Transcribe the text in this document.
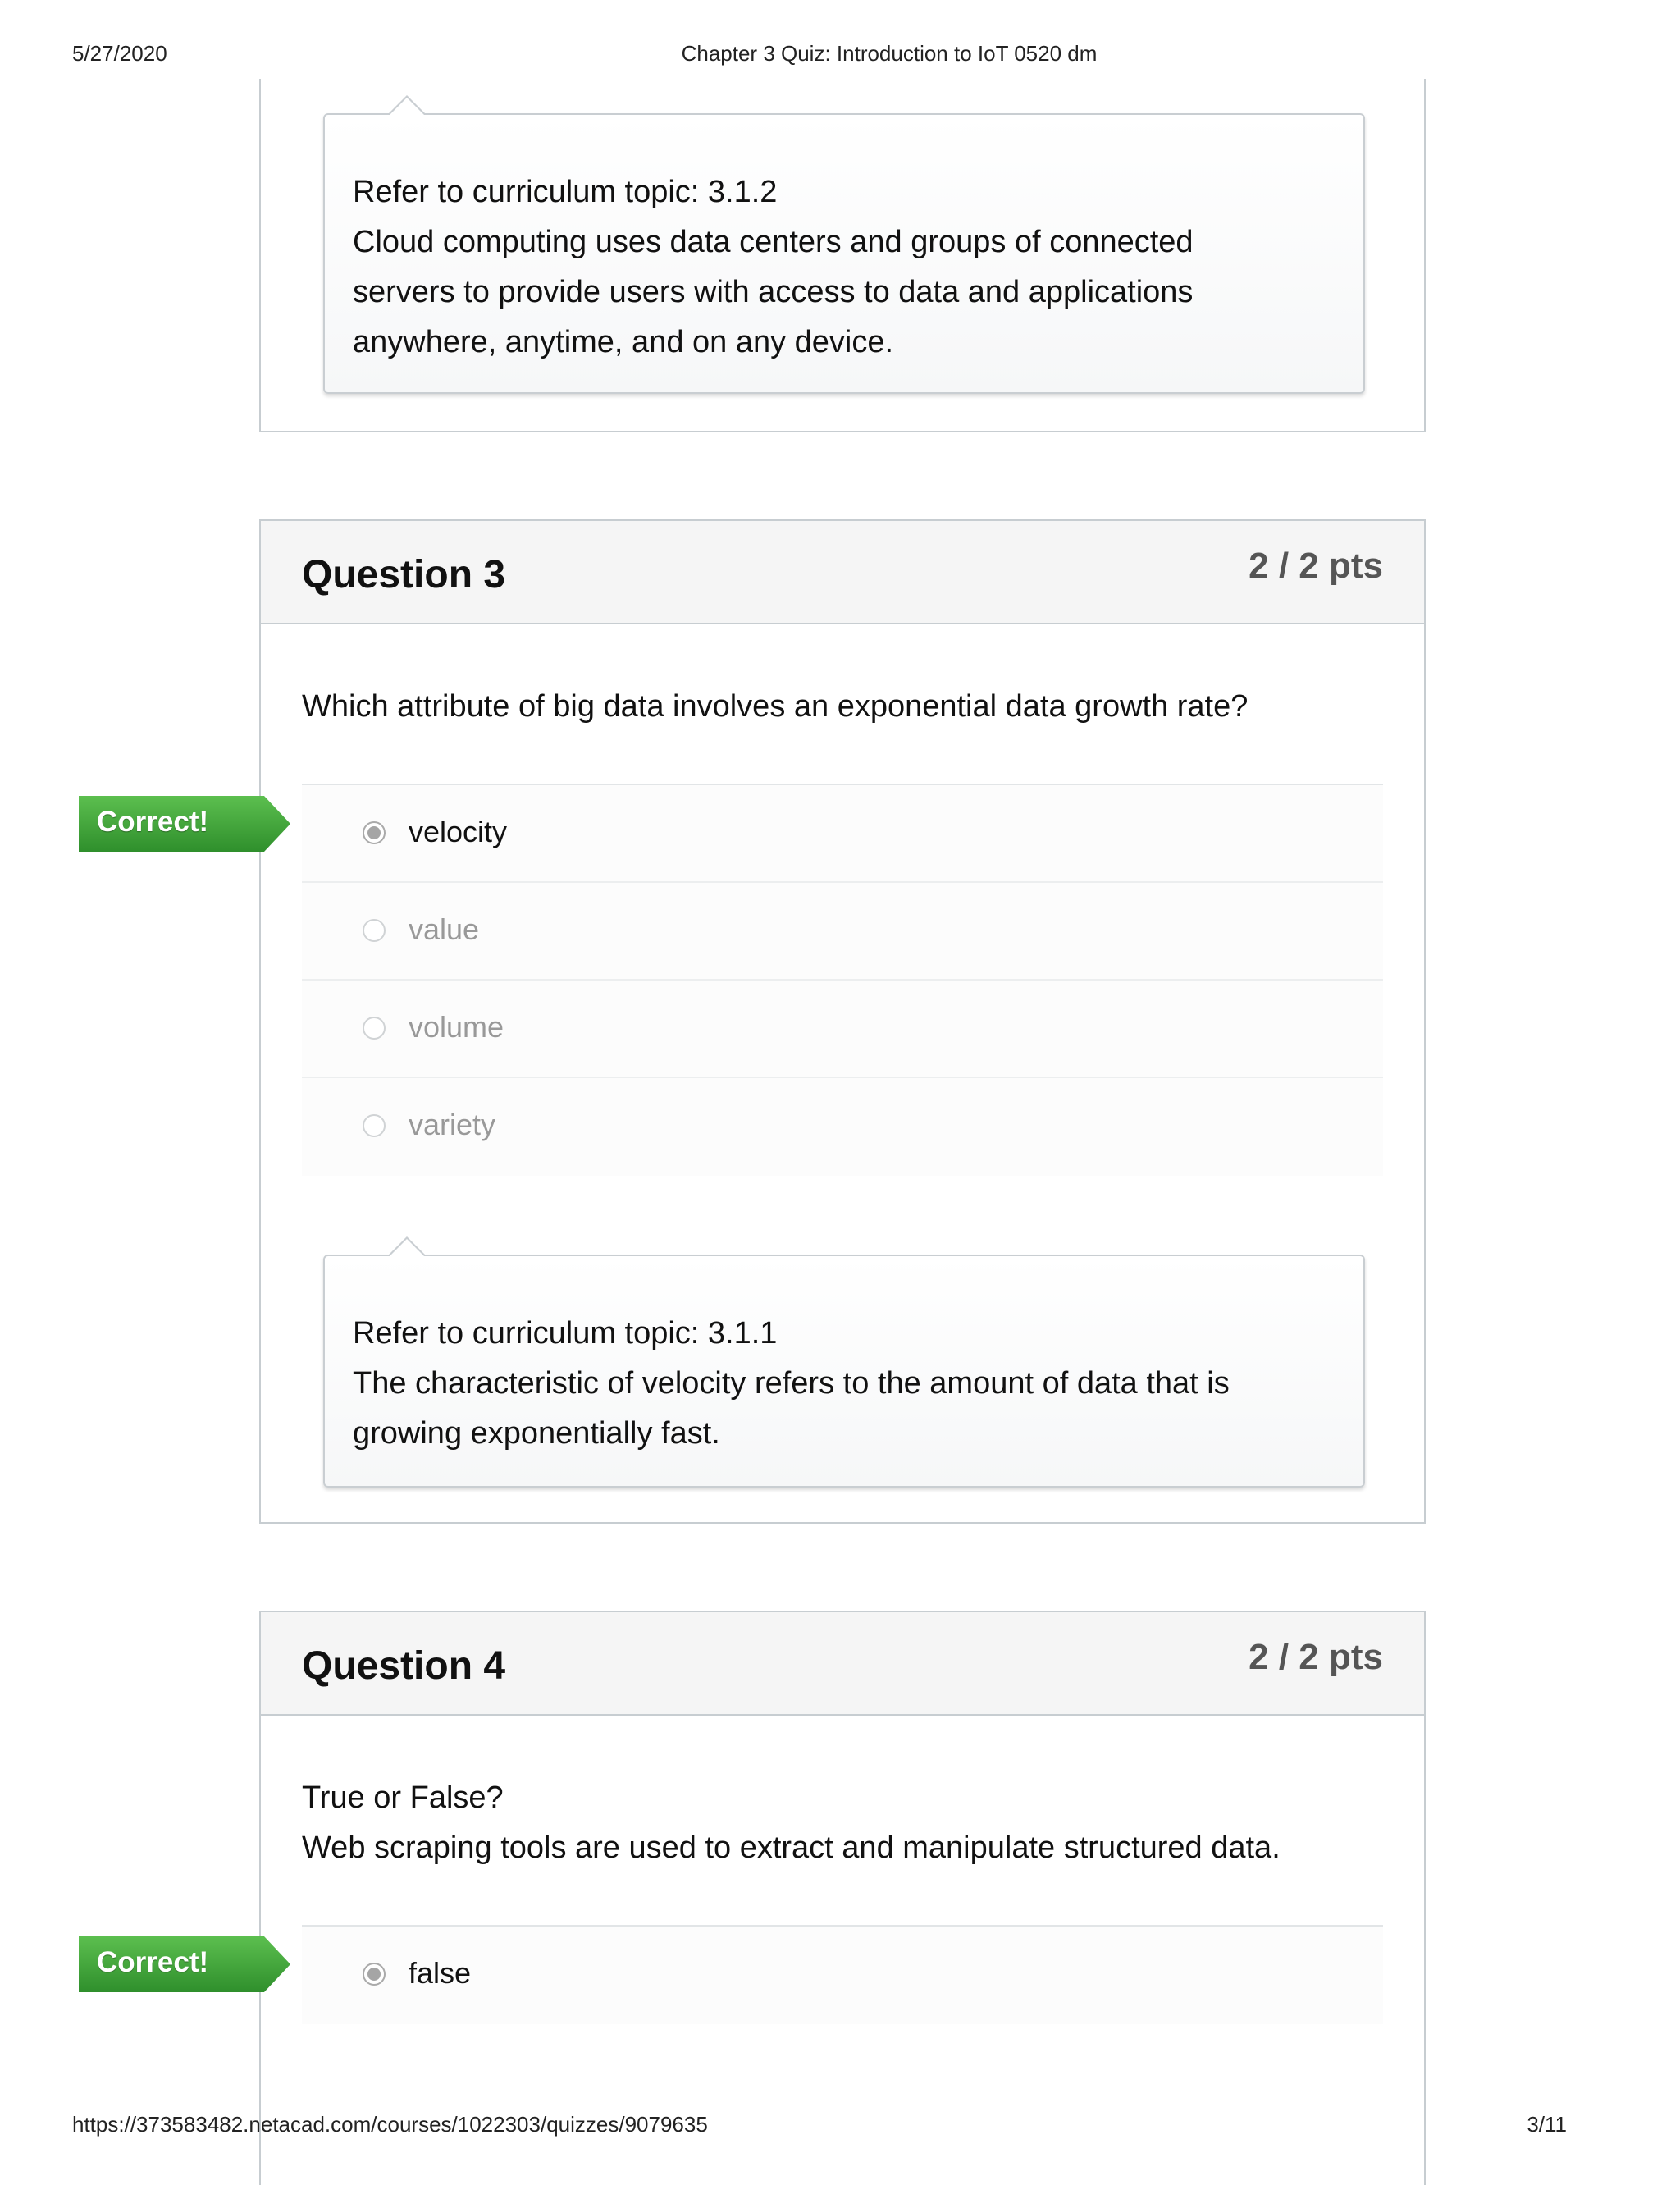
5/27/2020	Chapter 3 Quiz: Introduction to IoT 0520 dm
Refer to curriculum topic: 3.1.2
Cloud computing uses data centers and groups of connected
servers to provide users with access to data and applications
anywhere, anytime, and on any device.
Question 3	2 / 2 pts
Which attribute of big data involves an exponential data growth rate?
velocity
value
volume
variety
Refer to curriculum topic: 3.1.1
The characteristic of velocity refers to the amount of data that is
growing exponentially fast.
Correct!
Question 4	2 / 2 pts
True or False?
Web scraping tools are used to extract and manipulate structured data.
false
Correct!
https://373583482.netacad.com/courses/1022303/quizzes/9079635	3/11
